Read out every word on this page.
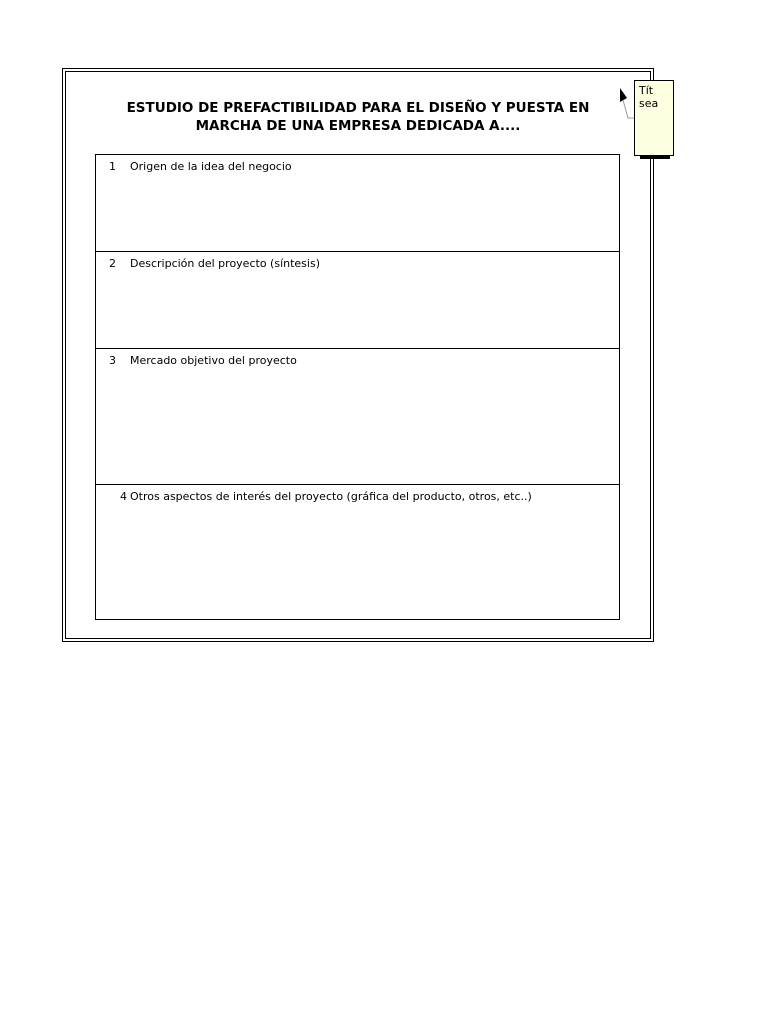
ESTUDIO DE PREFACTIBILIDAD PARA EL DISEÑO Y PUESTA EN
MARCHA DE UNA EMPRESA DEDICADA A....
1 Origen de la idea del negocio
2 Descripción del proyecto (síntesis)
3 Mercado objetivo del proyecto
4 Otros aspectos de interés del proyecto (gráfica del producto, otros, etc..)
Tít
sea
